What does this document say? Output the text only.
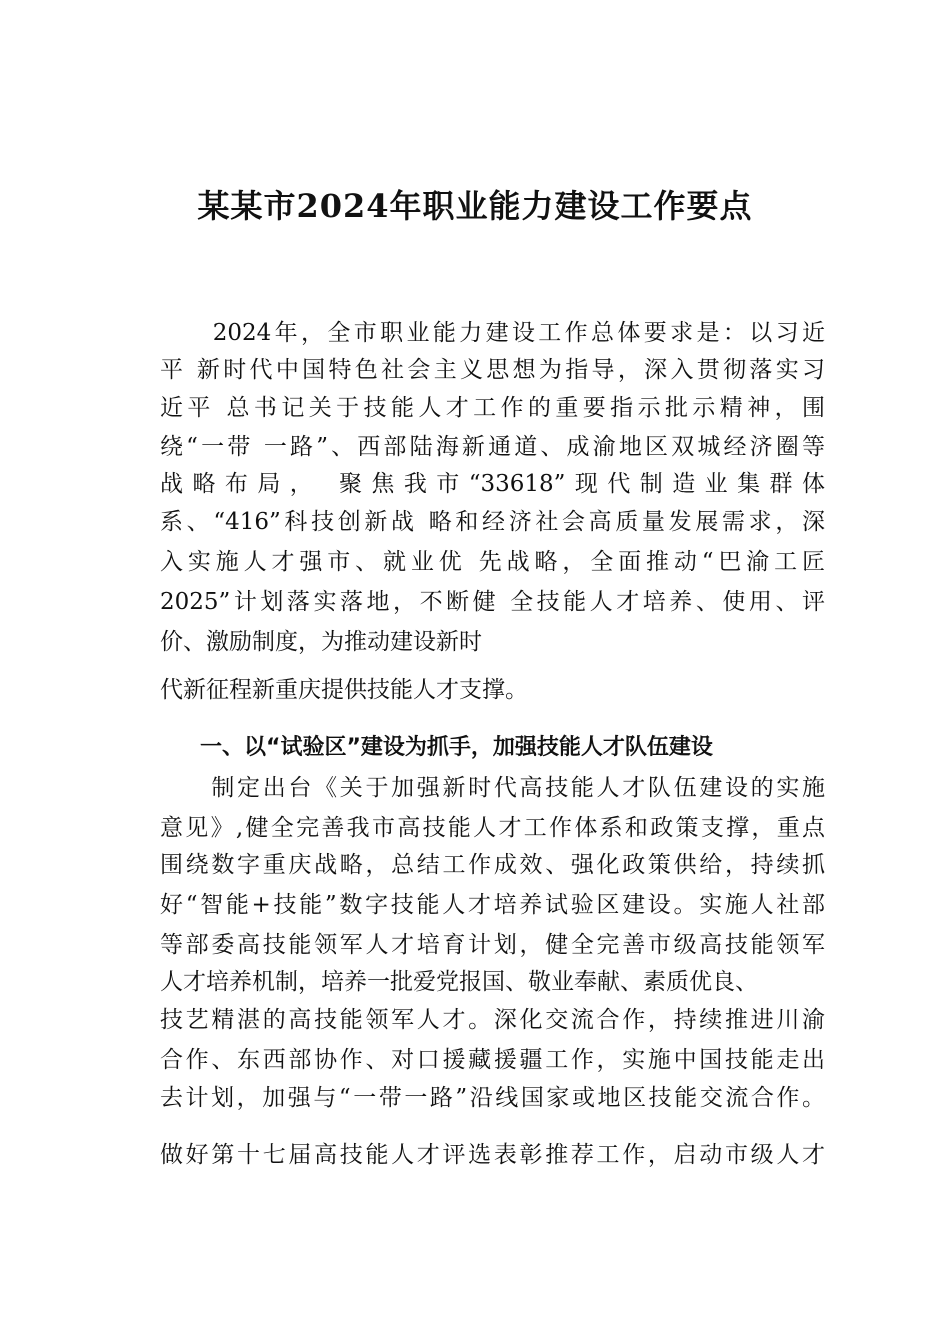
某某市2024年职业能力建设工作要点
　　2024年，全市职业能力建设工作总体要求是：以习近
平 新时代中国特色社会主义思想为指导，深入贯彻落实习
近平 总书记关于技能人才工作的重要指示批示精神，围
绕“一带 一路”、西部陆海新通道、成渝地区双城经济圈等
战略布局， 聚焦我市“33618”现代制造业集群体
系、“416”科技创新战 略和经济社会高质量发展需求，深
入实施人才强市、就业优 先战略，全面推动“巴渝工匠
2025”计划落实落地，不断健 全技能人才培养、使用、评
价、激励制度，为推动建设新时
代新征程新重庆提供技能人才支撑。
一、以“试验区”建设为抓手，加强技能人才队伍建设
　　制定出台《关于加强新时代高技能人才队伍建设的实施
意见》,健全完善我市高技能人才工作体系和政策支撑，重点
围绕数字重庆战略，总结工作成效、强化政策供给，持续抓
好“智能+技能”数字技能人才培养试验区建设。实施人社部
等部委高技能领军人才培育计划，健全完善市级高技能领军
人才培养机制，培养一批爱党报国、敬业奉献、素质优良、
技艺精湛的高技能领军人才。深化交流合作，持续推进川渝
合作、东西部协作、对口援藏援疆工作，实施中国技能走出
去计划，加强与“一带一路”沿线国家或地区技能交流合作。
做好第十七届高技能人才评选表彰推荐工作，启动市级人才
